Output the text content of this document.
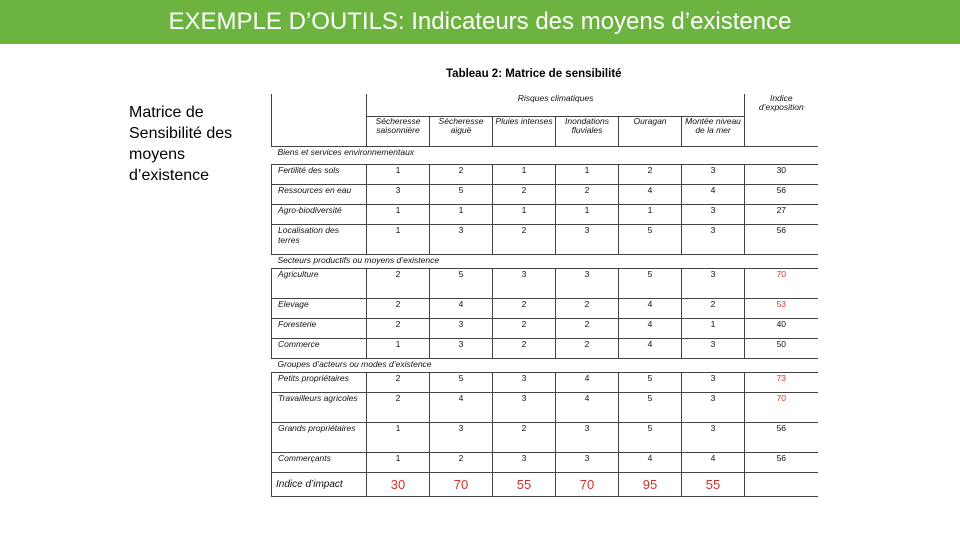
EXEMPLE D’OUTILS: Indicateurs des moyens d’existence
Matrice de Sensibilité des moyens d’existence
Tableau 2: Matrice de sensibilité
	Risques climatiques						Indice d’exposition
	Sécheresse saisonnière	Sécheresse aiguë	Pluies intenses	Inondations fluviales	Ouragan	Montée niveau de la mer	
Biens et services environnementaux							
Fertilité des sols	1	2	1	1	2	3	30
Ressources en eau	3	5	2	2	4	4	56
Agro-biodiversité	1	1	1	1	1	3	27
Localisation des terres	1	3	2	3	5	3	56
Secteurs productifs ou moyens d’existence							
Agriculture	2	5	3	3	5	3	70
Elevage	2	4	2	2	4	2	53
Foresterie	2	3	2	2	4	1	40
Commerce	1	3	2	2	4	3	50
Groupes d’acteurs ou modes d’existence							
Petits propriétaires	2	5	3	4	5	3	73
Travailleurs agricoles	2	4	3	4	5	3	70
Grands propriétaires	1	3	2	3	5	3	56
Commerçants	1	2	3	3	4	4	56
Indice d’impact	30	70	55	70	95	55	
